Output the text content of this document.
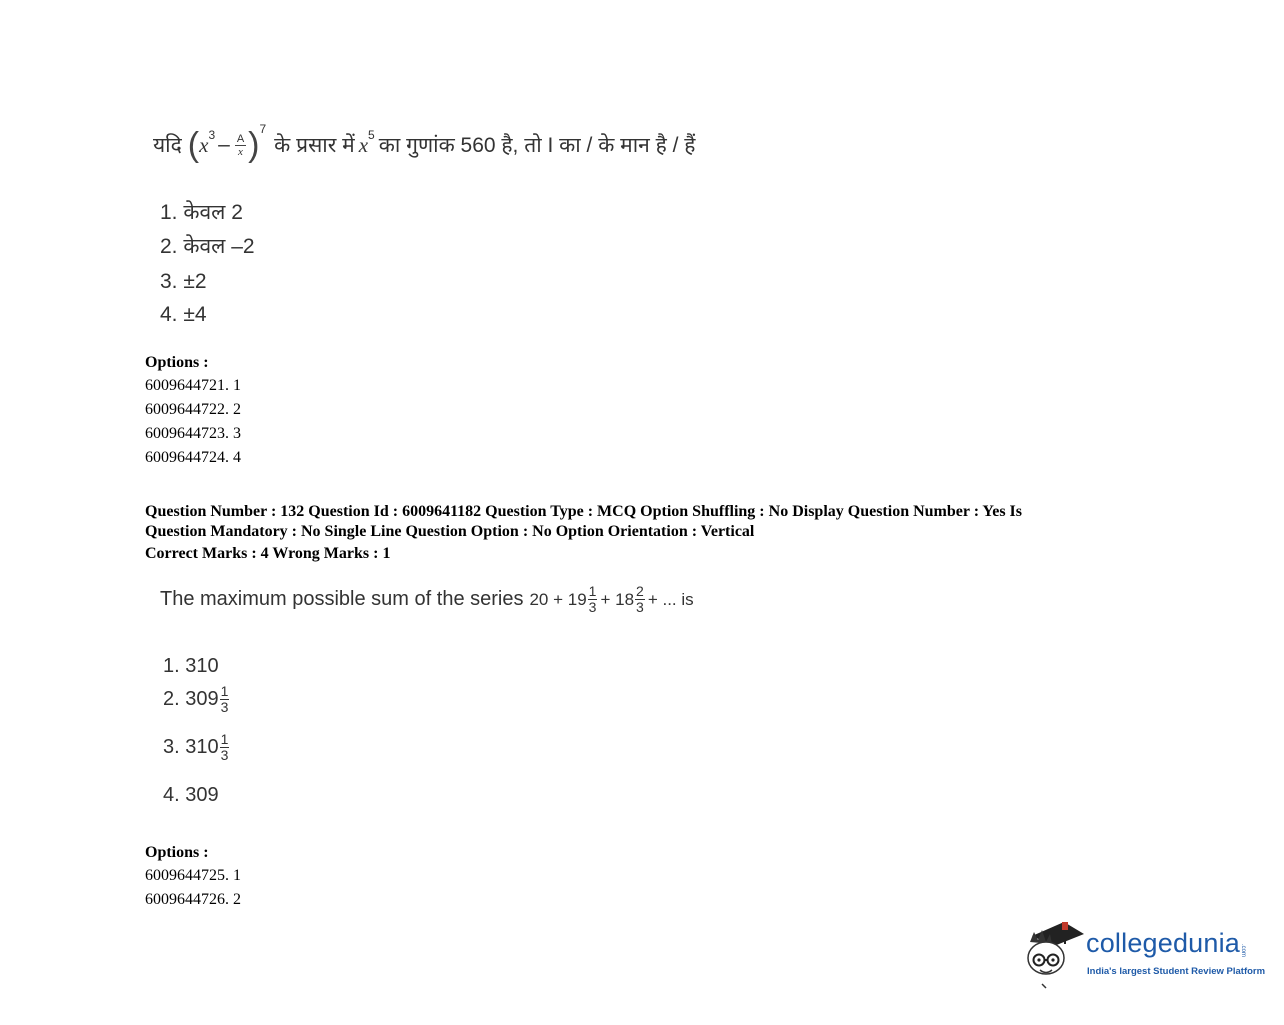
यदि ( x $3 - \frac{A}{x}$ ) 7
के प्रसार में x 5 का गुणांक 560 है, तो I का / के मान है / हैं
1. केवल 2
2. केवल –2
3. ±2
4. ±4
Options :
6009644721. 1
6009644722. 2
6009644723. 3
6009644724. 4
Question Number : 132 Question Id : 6009641182 Question Type : MCQ Option Shuffling : No Display Question Number : Yes Is
Question Mandatory : No Single Line Question Option : No Option Orientation : Vertical
Correct Marks : 4 Wrong Marks : 1
The maximum possible sum of the series $20 + 19 \frac{1}{3} + 18 \frac{2}{3}$ + ... is
1. 310
2. $309 \frac{1}{3}$
3. $310 \frac{1}{3}$
4. 309
Options :
6009644725. 1
6009644726. 2
collegedunia .com
India's largest Student Review Platform
